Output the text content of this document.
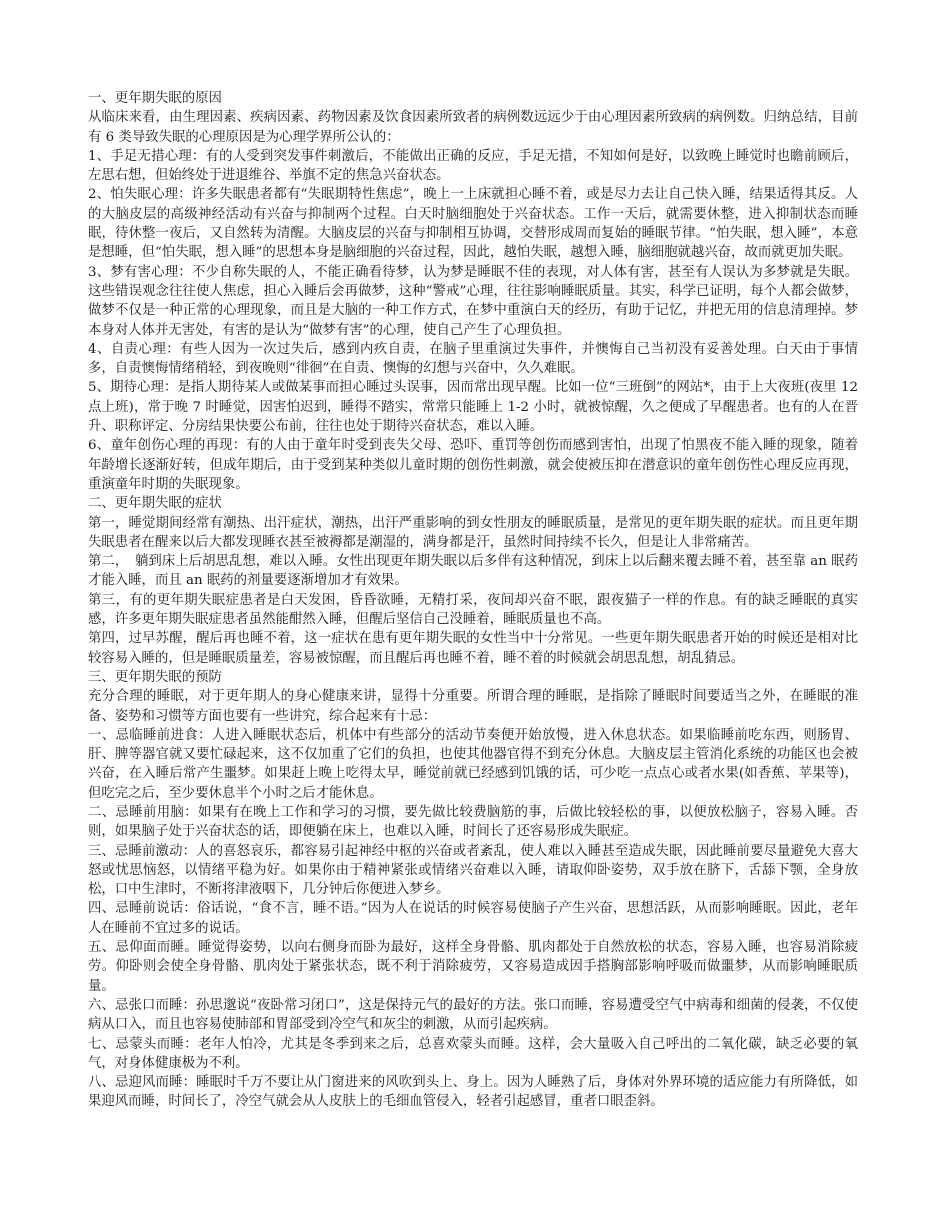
一、更年期失眠的原因

从临床来看，由生理因素、疾病因素、药物因素及饮食因素所致者的病例数远远少于由心理因素所致病的病例数。归纳总结，目前有 6 类导致失眠的心理原因是为心理学界所公认的：

1、手足无措心理：有的人受到突发事件刺激后，不能做出正确的反应，手足无措，不知如何是好，以致晚上睡觉时也瞻前顾后，左思右想，但始终处于进退维谷、举旗不定的焦急兴奋状态。

2、怕失眠心理：许多失眠患者都有“失眠期特性焦虑”，晚上一上床就担心睡不着，或是尽力去让自己快入睡，结果适得其反。人的大脑皮层的高级神经活动有兴奋与抑制两个过程。白天时脑细胞处于兴奋状态。工作一天后，就需要休整，进入抑制状态而睡眠，待休整一夜后，又自然转为清醒。大脑皮层的兴奋与抑制相互协调，交替形成周而复始的睡眠节律。“怕失眠，想入睡”，本意是想睡，但“怕失眠，想入睡”的思想本身是脑细胞的兴奋过程，因此，越怕失眠，越想入睡，脑细胞就越兴奋，故而就更加失眠。

3、梦有害心理：不少自称失眠的人，不能正确看待梦，认为梦是睡眠不佳的表现，对人体有害，甚至有人误认为多梦就是失眠。这些错误观念往往使人焦虑，担心入睡后会再做梦，这种“警戒”心理，往往影响睡眠质量。其实，科学已证明，每个人都会做梦，做梦不仅是一种正常的心理现象，而且是大脑的一种工作方式，在梦中重演白天的经历，有助于记忆，并把无用的信息清理掉。梦本身对人体并无害处，有害的是认为“做梦有害”的心理，使自己产生了心理负担。

4、自责心理：有些人因为一次过失后，感到内疚自责，在脑子里重演过失事件，并懊悔自己当初没有妥善处理。白天由于事情多，自责懊悔情绪稍轻，到夜晚则“徘徊”在自责、懊悔的幻想与兴奋中，久久难眠。

5、期待心理：是指人期待某人或做某事而担心睡过头误事，因而常出现早醒。比如一位“三班倒”的网站*，由于上大夜班(夜里 12 点上班)，常于晚 7 时睡觉，因害怕迟到，睡得不踏实，常常只能睡上 1-2 小时，就被惊醒，久之便成了早醒患者。也有的人在晋升、职称评定、分房结果快要公布前，往往也处于期待兴奋状态，难以入睡。

6、童年创伤心理的再现：有的人由于童年时受到丧失父母、恐吓、重罚等创伤而感到害怕，出现了怕黑夜不能入睡的现象，随着年龄增长逐渐好转，但成年期后，由于受到某种类似儿童时期的创伤性刺激，就会使被压抑在潜意识的童年创伤性心理反应再现，重演童年时期的失眠现象。

二、更年期失眠的症状

第一，睡觉期间经常有潮热、出汗症状，潮热，出汗严重影响的到女性朋友的睡眠质量，是常见的更年期失眠的症状。而且更年期失眠患者在醒来以后大都发现睡衣甚至被褥都是潮湿的，满身都是汗，虽然时间持续不长久，但是让人非常痛苦。

第二，　躺到床上后胡思乱想，难以入睡。女性出现更年期失眠以后多伴有这种情况，到床上以后翻来覆去睡不着，甚至靠 an 眠药才能入睡，而且 an 眠药的剂量要逐渐增加才有效果。

第三，有的更年期失眠症患者是白天发困，昏昏欲睡，无精打采，夜间却兴奋不眠，跟夜猫子一样的作息。有的缺乏睡眠的真实感，许多更年期失眠症患者虽然能酣然入睡，但醒后坚信自己没睡着，睡眠质量也不高。

第四，过早苏醒，醒后再也睡不着，这一症状在患有更年期失眠的女性当中十分常见。一些更年期失眠患者开始的时候还是相对比较容易入睡的，但是睡眠质量差，容易被惊醒，而且醒后再也睡不着，睡不着的时候就会胡思乱想，胡乱猜忌。

三、更年期失眠的预防

充分合理的睡眠，对于更年期人的身心健康来讲，显得十分重要。所谓合理的睡眠，是指除了睡眠时间要适当之外，在睡眠的准备、姿势和习惯等方面也要有一些讲究，综合起来有十忌：

一、忌临睡前进食：人进入睡眠状态后，机体中有些部分的活动节奏便开始放慢，进入休息状态。如果临睡前吃东西，则肠胃、肝、脾等器官就又要忙碌起来，这不仅加重了它们的负担，也使其他器官得不到充分休息。大脑皮层主管消化系统的功能区也会被兴奋，在入睡后常产生噩梦。如果赶上晚上吃得太早，睡觉前就已经感到饥饿的话，可少吃一点点心或者水果(如香蕉、苹果等)，但吃完之后，至少要休息半个小时之后才能休息。

二、忌睡前用脑：如果有在晚上工作和学习的习惯，要先做比较费脑筋的事，后做比较轻松的事，以便放松脑子，容易入睡。否则，如果脑子处于兴奋状态的话，即便躺在床上，也难以入睡，时间长了还容易形成失眠症。

三、忌睡前激动：人的喜怒哀乐，都容易引起神经中枢的兴奋或者紊乱，使人难以入睡甚至造成失眠，因此睡前要尽量避免大喜大怒或忧思恼怒，以情绪平稳为好。如果你由于精神紧张或情绪兴奋难以入睡，请取仰卧姿势，双手放在脐下，舌舔下颚，全身放松，口中生津时，不断将津液咽下，几分钟后你便进入梦乡。

四、忌睡前说话：俗话说，“食不言，睡不语。”因为人在说话的时候容易使脑子产生兴奋，思想活跃，从而影响睡眠。因此，老年人在睡前不宜过多的说话。

五、忌仰面而睡。睡觉得姿势，以向右侧身而卧为最好，这样全身骨骼、肌肉都处于自然放松的状态，容易入睡，也容易消除疲劳。仰卧则会使全身骨骼、肌肉处于紧张状态，既不利于消除疲劳，又容易造成因手搭胸部影响呼吸而做噩梦，从而影响睡眠质量。

六、忌张口而睡：孙思邈说“夜卧常习闭口”，这是保持元气的最好的方法。张口而睡，容易遭受空气中病毒和细菌的侵袭，不仅使病从口入，而且也容易使肺部和胃部受到冷空气和灰尘的刺激，从而引起疾病。

七、忌蒙头而睡：老年人怕冷，尤其是冬季到来之后，总喜欢蒙头而睡。这样，会大量吸入自己呼出的二氧化碳，缺乏必要的氧气，对身体健康极为不利。

八、忌迎风而睡：睡眠时千万不要让从门窗进来的风吹到头上、身上。因为人睡熟了后，身体对外界环境的适应能力有所降低，如果迎风而睡，时间长了，冷空气就会从人皮肤上的毛细血管侵入，轻者引起感冒，重者口眼歪斜。
